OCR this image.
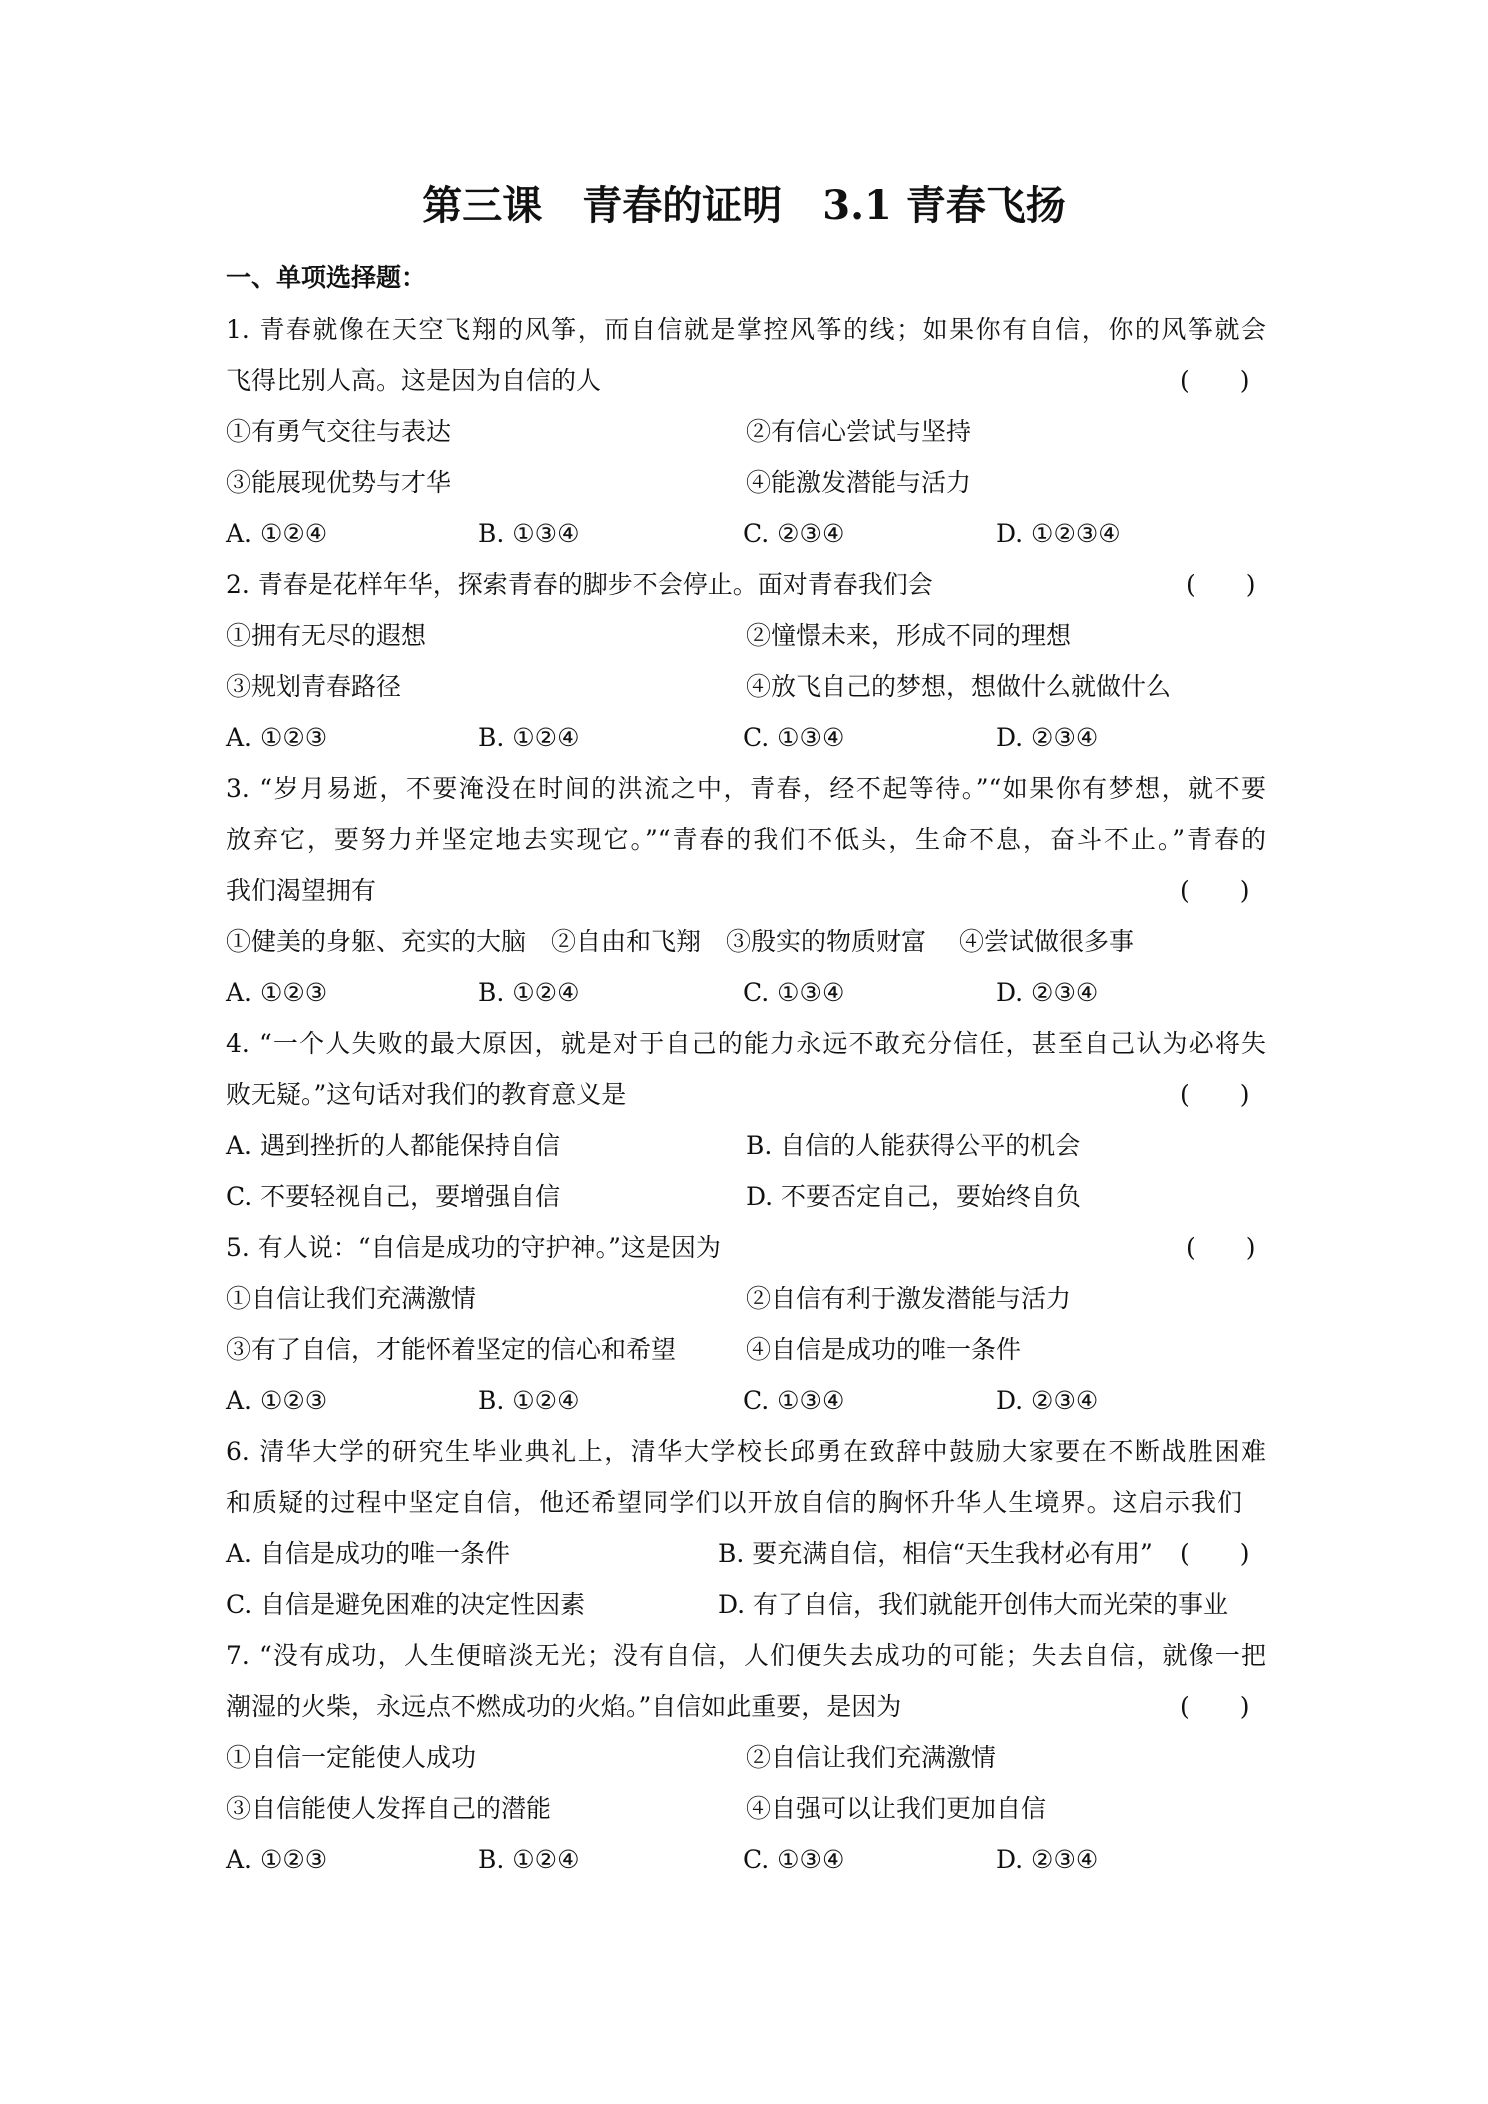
第三课　青春的证明　3.1 青春飞扬
一、单项选择题：
1. 青春就像在天空飞翔的风筝，而自信就是掌控风筝的线；如果你有自信，你的风筝就会
飞得比别人高。这是因为自信的人	(　　)
①有勇气交往与表达	②有信心尝试与坚持
③能展现优势与才华	④能激发潜能与活力
A. ①②④	B. ①③④	C. ②③④	D. ①②③④
2. 青春是花样年华，探索青春的脚步不会停止。面对青春我们会	(　　)
①拥有无尽的遐想	②憧憬未来，形成不同的理想
③规划青春路径	④放飞自己的梦想，想做什么就做什么
A. ①②③	B. ①②④	C. ①③④	D. ②③④
3. “岁月易逝，不要淹没在时间的洪流之中，青春，经不起等待。”“如果你有梦想，就不要
放弃它，要努力并坚定地去实现它。”“青春的我们不低头，生命不息，奋斗不止。”青春的
我们渴望拥有	(　　)
①健美的身躯、充实的大脑　②自由和飞翔　③殷实的物质财富　 ④尝试做很多事
A. ①②③	B. ①②④	C. ①③④	D. ②③④
4. “一个人失败的最大原因，就是对于自己的能力永远不敢充分信任，甚至自己认为必将失
败无疑。”这句话对我们的教育意义是	(　　)
A. 遇到挫折的人都能保持自信	B. 自信的人能获得公平的机会
C. 不要轻视自己，要增强自信	D. 不要否定自己，要始终自负
5. 有人说：“自信是成功的守护神。”这是因为	(　　)
①自信让我们充满激情	②自信有利于激发潜能与活力
③有了自信，才能怀着坚定的信心和希望	④自信是成功的唯一条件
A. ①②③	B. ①②④	C. ①③④	D. ②③④
6. 清华大学的研究生毕业典礼上，清华大学校长邱勇在致辞中鼓励大家要在不断战胜困难
和质疑的过程中坚定自信，他还希望同学们以开放自信的胸怀升华人生境界。这启示我们
A. 自信是成功的唯一条件	B. 要充满自信，相信“天生我材必有用” (　　)
C. 自信是避免困难的决定性因素	D. 有了自信，我们就能开创伟大而光荣的事业
7. “没有成功，人生便暗淡无光；没有自信，人们便失去成功的可能；失去自信，就像一把
潮湿的火柴，永远点不燃成功的火焰。”自信如此重要，是因为	(　　)
①自信一定能使人成功	②自信让我们充满激情
③自信能使人发挥自己的潜能	④自强可以让我们更加自信
A. ①②③	B. ①②④	C. ①③④	D. ②③④
